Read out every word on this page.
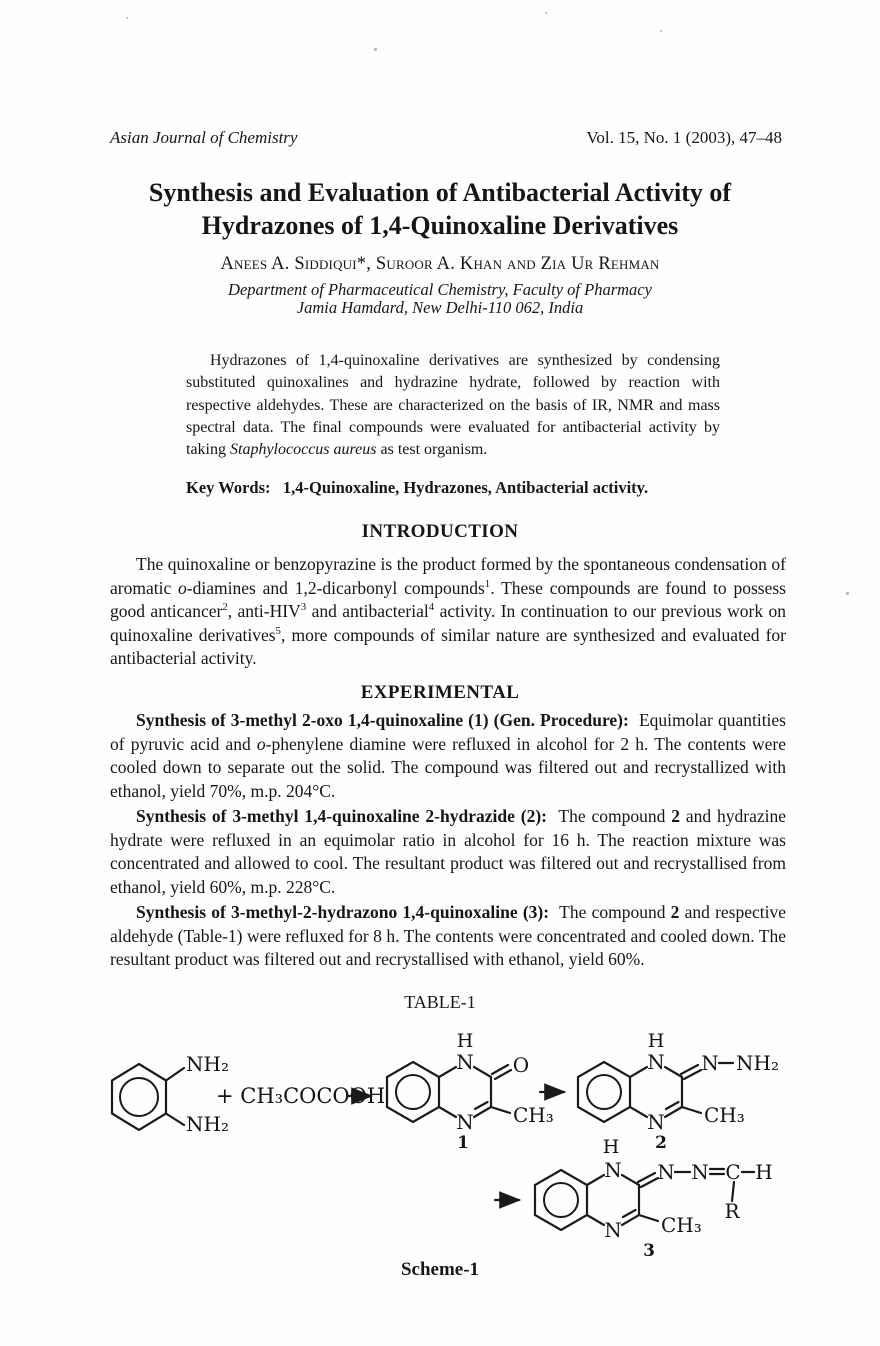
Asian Journal of Chemistry	Vol. 15, No. 1 (2003), 47–48
Synthesis and Evaluation of Antibacterial Activity of
Hydrazones of 1,4-Quinoxaline Derivatives
Anees A. Siddiqui*, Suroor A. Khan and Zia Ur Rehman
Department of Pharmaceutical Chemistry, Faculty of Pharmacy
Jamia Hamdard, New Delhi-110 062, India
Hydrazones of 1,4-quinoxaline derivatives are synthesized by condensing substituted quinoxalines and hydrazine hydrate, followed by reaction with respective aldehydes. These are characterized on the basis of IR, NMR and mass spectral data. The final compounds were evaluated for antibacterial activity by taking Staphylococcus aureus as test organism.
Key Words:   1,4-Quinoxaline, Hydrazones, Antibacterial activity.
INTRODUCTION
The quinoxaline or benzopyrazine is the product formed by the spontaneous condensation of aromatic o-diamines and 1,2-dicarbonyl compounds$^1$. These compounds are found to possess good anticancer$^2$, anti-HIV$^3$ and antibacterial$^4$ activity. In continuation to our previous work on quinoxaline derivatives$^5$, more compounds of similar nature are synthesized and evaluated for antibacterial activity.
EXPERIMENTAL
Synthesis of 3-methyl 2-oxo 1,4-quinoxaline (1) (Gen. Procedure):  Equimolar quantities of pyruvic acid and o-phenylene diamine were refluxed in alcohol for 2 h. The contents were cooled down to separate out the solid. The compound was filtered out and recrystallized with ethanol, yield 70%, m.p. 204°C.
Synthesis of 3-methyl 1,4-quinoxaline 2-hydrazide (2):  The compound 2 and hydrazine hydrate were refluxed in an equimolar ratio in alcohol for 16 h. The reaction mixture was concentrated and allowed to cool. The resultant product was filtered out and recrystallised from ethanol, yield 60%, m.p. 228°C.
Synthesis of 3-methyl-2-hydrazono 1,4-quinoxaline (3):  The compound 2 and respective aldehyde (Table-1) were refluxed for 8 h. The contents were concentrated and cooled down. The resultant product was filtered out and recrystallised with ethanol, yield 60%.
TABLE-1
NH₂
NH₂
+ CH₃COCOOH
H
N O
CH₃
N
1
H
N N NH₂
CH₃
N
2
H
N N N C H
R
CH₃
N
3
Scheme-1
